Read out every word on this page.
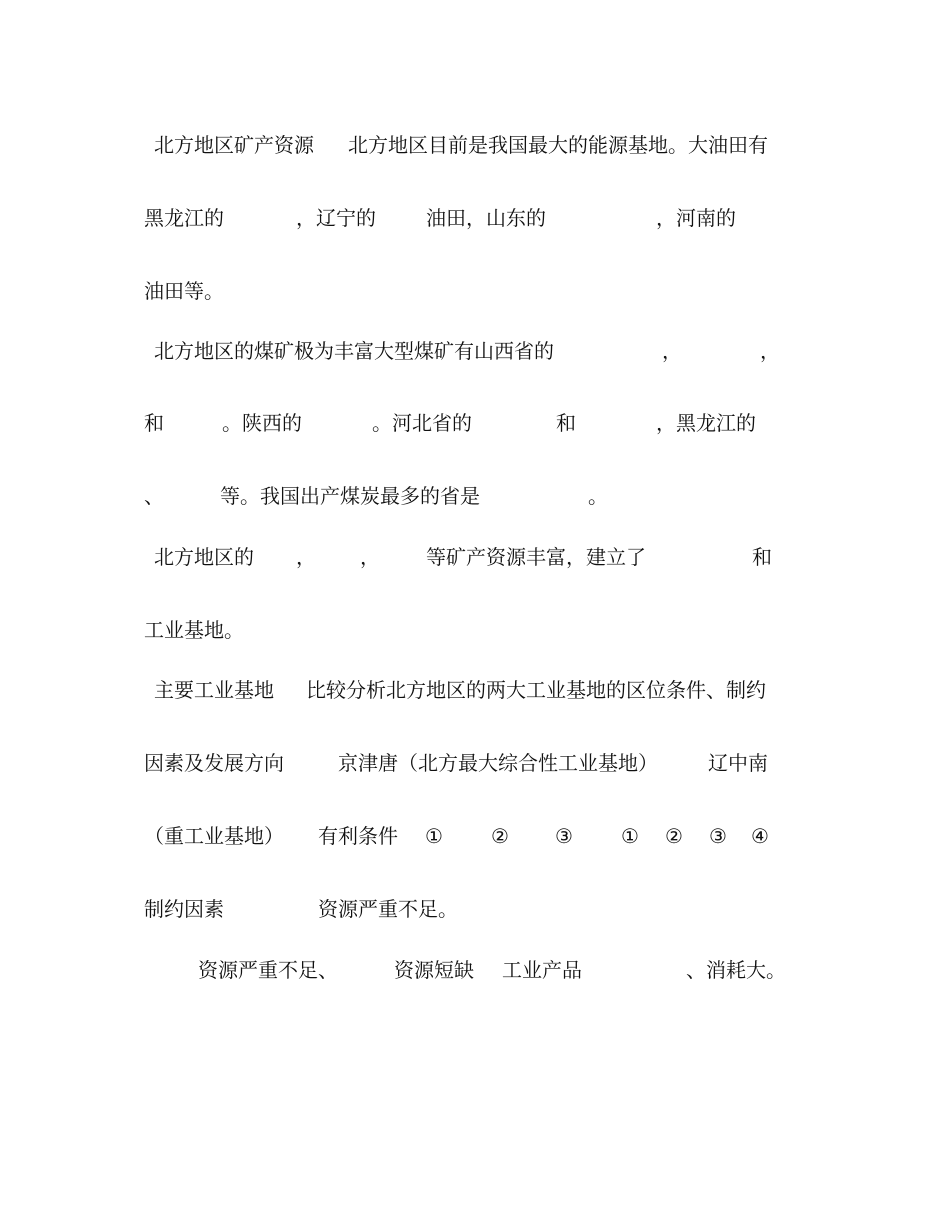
北方地区矿产资源 北方地区目前是我国最大的能源基地。大油田有
黑龙江的	，辽宁的	油田，山东的	，河南的
油田等。
北方地区的煤矿极为丰富大型煤矿有山西省的	，	，
和	。陕西的	。河北省的	和	，黑龙江的
、	等。我国出产煤炭最多的省是	。
北方地区的 ， ， 等矿产资源丰富，建立了	和
工业基地。
主要工业基地 比较分析北方地区的两大工业基地的区位条件、制约
因素及发展方向	京津唐（北方最大综合性工业基地）	辽中南
（重工业基地） 有利条件 ① ② ③ ① ② ③ ④
制约因素	资源严重不足。
资源严重不足、	资源短缺 工业产品	、消耗大。
